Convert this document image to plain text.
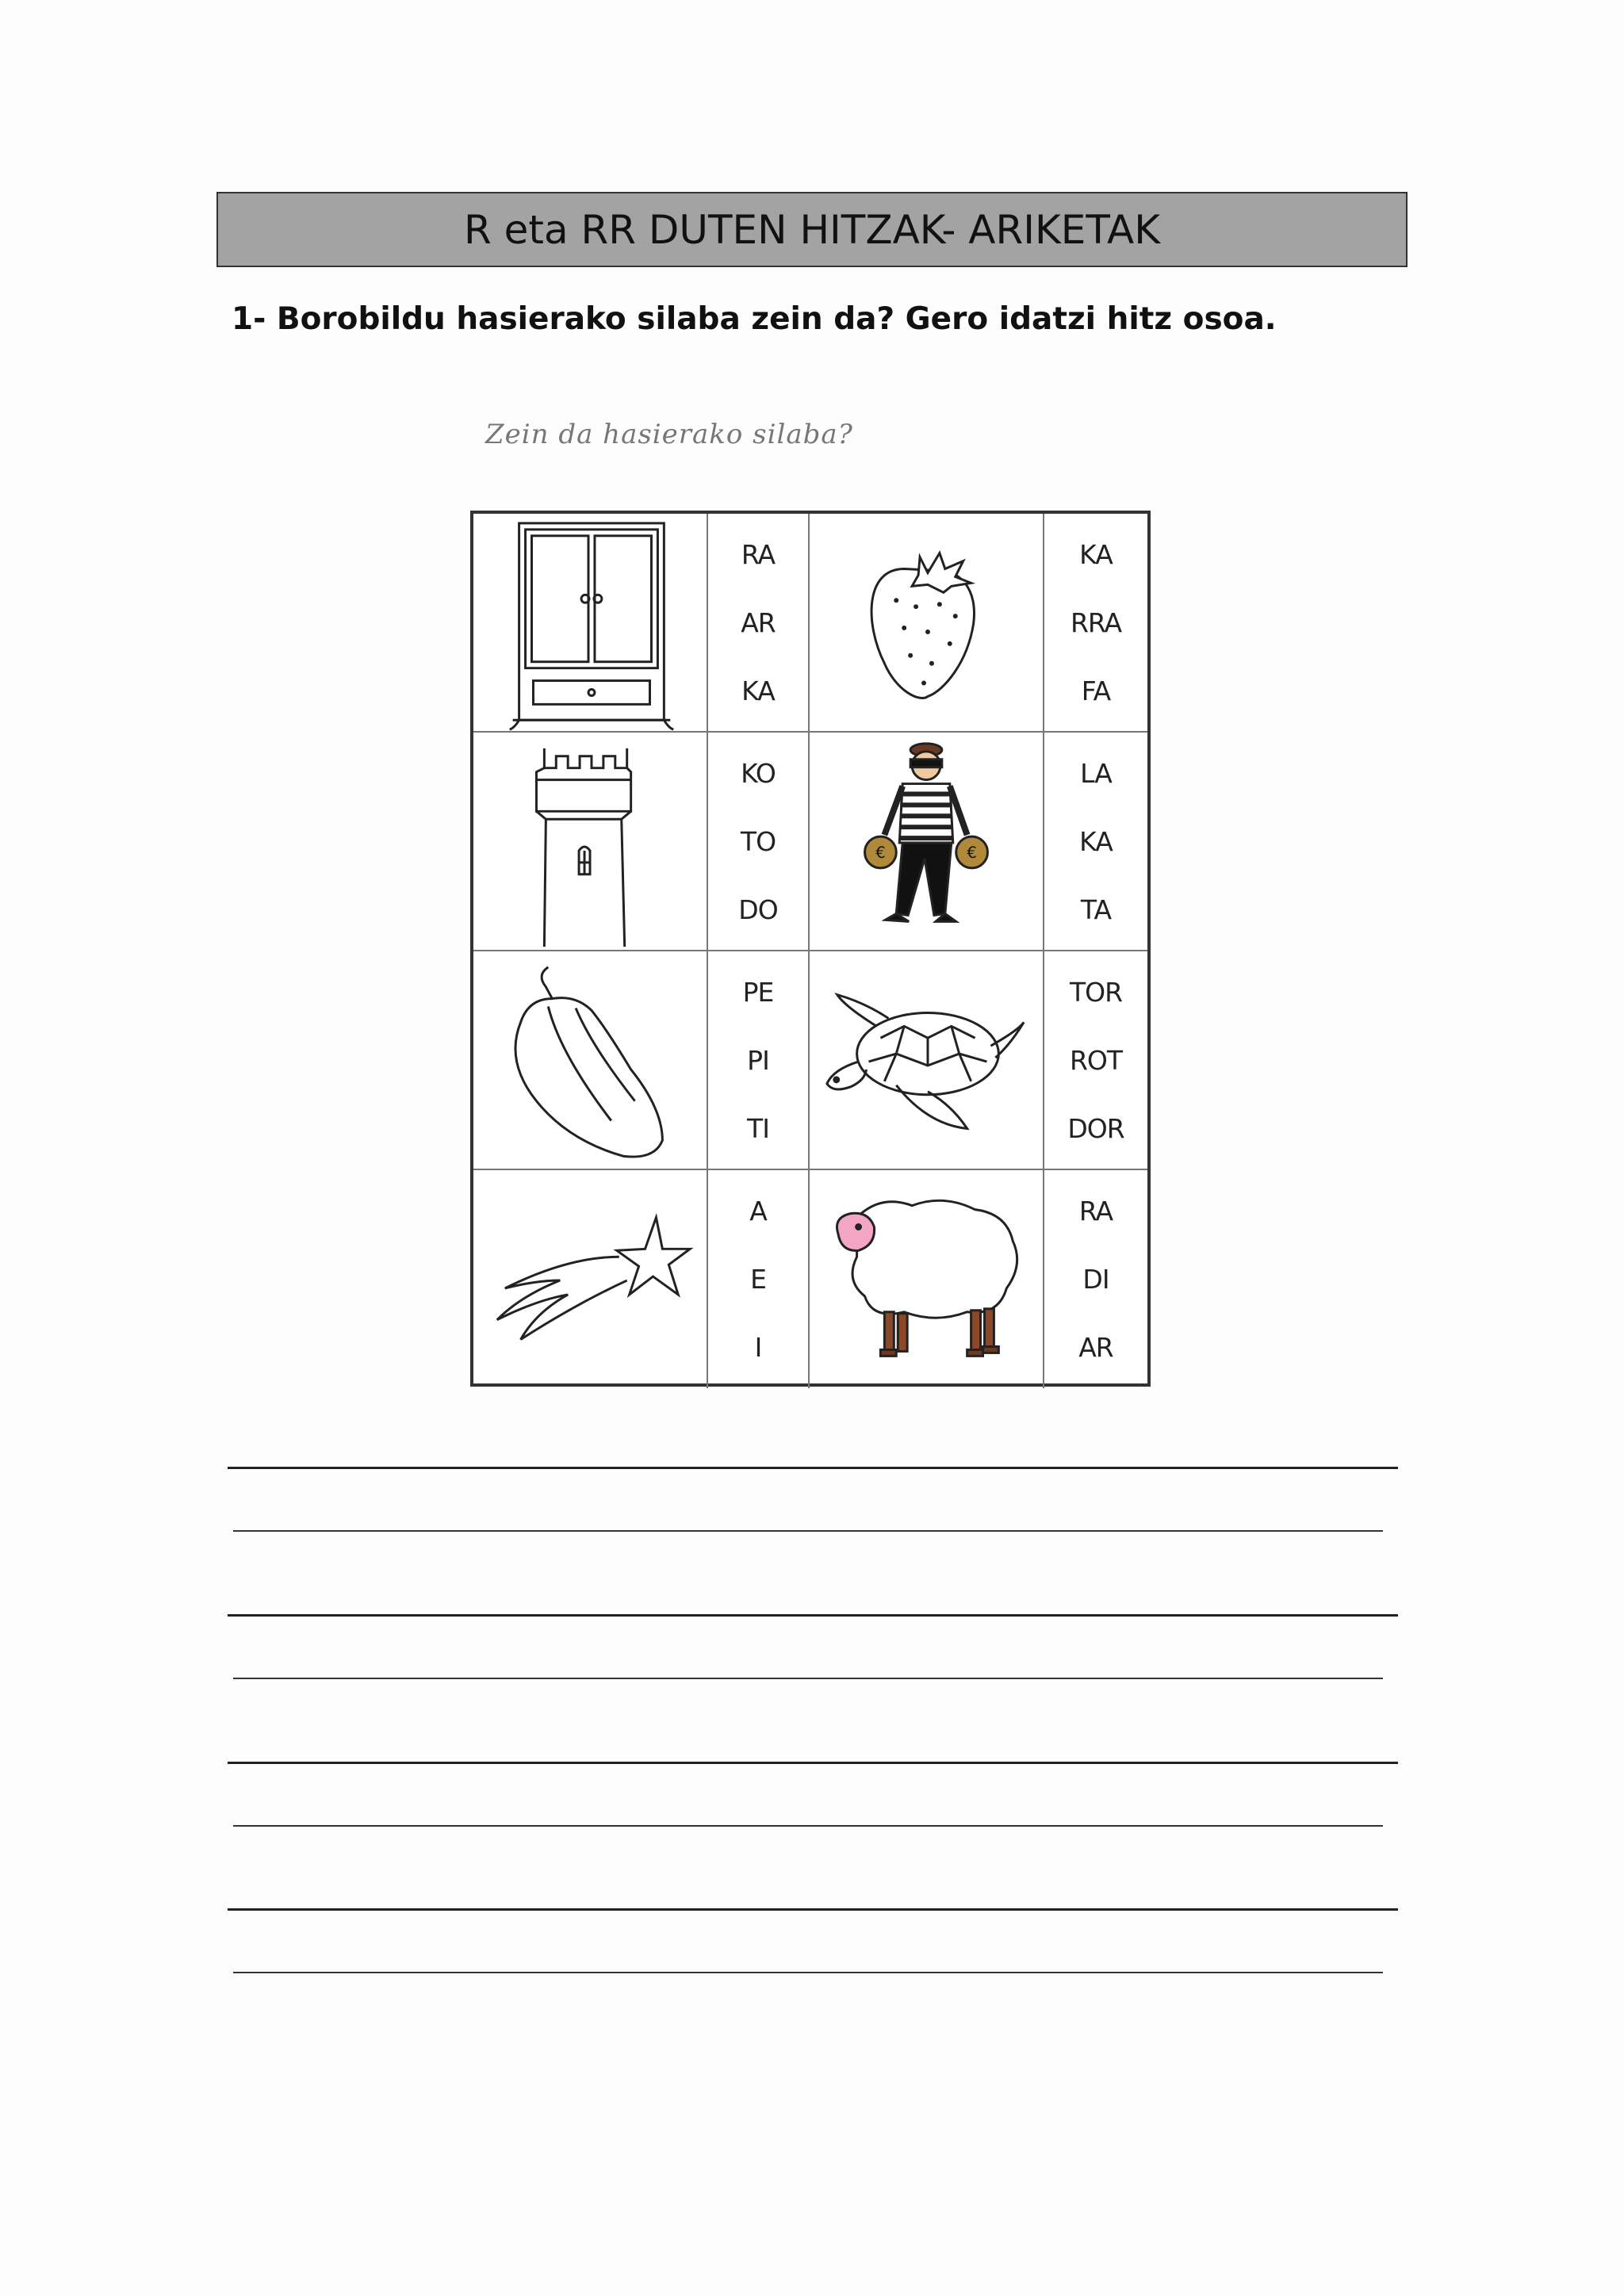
R eta RR DUTEN HITZAK- ARIKETAK
1- Borobildu hasierako silaba zein da? Gero idatzi hitz osoa.
Zein da hasierako silaba?
RA
AR
KA
KA
RRA
FA
KO
TO
DO
€	€
LA
KA
TA
PE
PI
TI
TOR
ROT
DOR
A
E
I
RA
DI
AR
